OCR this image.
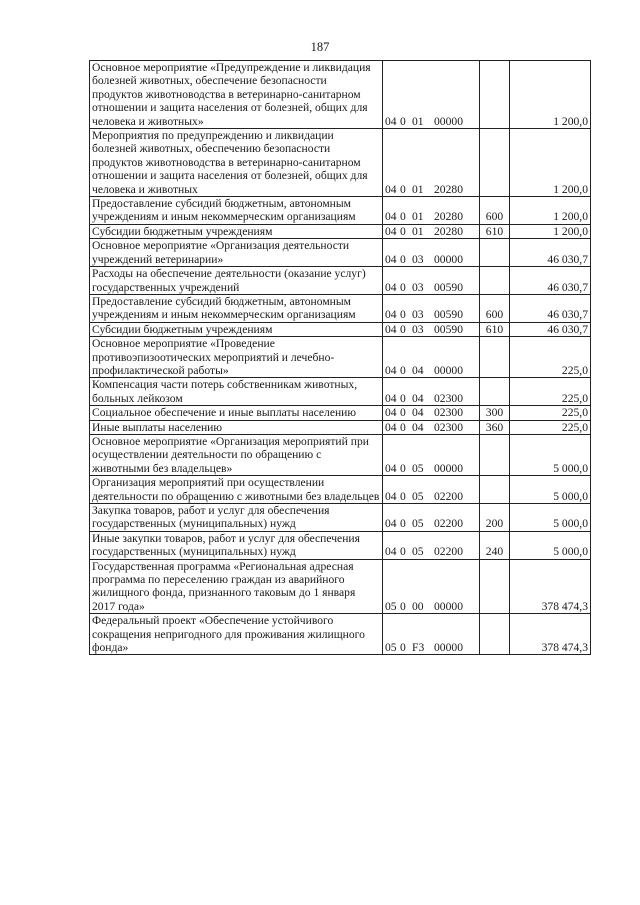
187
Основное мероприятие «Предупреждение и ликвидация болезней животных, обеспечение безопасности продуктов животноводства в ветеринарно-санитарном отношении и защита населения от болезней, общих для человека и животных»	04 0 01 00000		1 200,0
Мероприятия по предупреждению и ликвидации болезней животных, обеспечению безопасности продуктов животноводства в ветеринарно-санитарном отношении и защита населения от болезней, общих для человека и животных	04 0 01 20280		1 200,0
Предоставление субсидий бюджетным, автономным учреждениям и иным некоммерческим организациям	04 0 01 20280	600	1 200,0
Субсидии бюджетным учреждениям	04 0 01 20280	610	1 200,0
Основное мероприятие «Организация деятельности учреждений ветеринарии»	04 0 03 00000		46 030,7
Расходы на обеспечение деятельности (оказание услуг) государственных учреждений	04 0 03 00590		46 030,7
Предоставление субсидий бюджетным, автономным учреждениям и иным некоммерческим организациям	04 0 03 00590	600	46 030,7
Субсидии бюджетным учреждениям	04 0 03 00590	610	46 030,7
Основное мероприятие «Проведение противоэпизоотических мероприятий и лечебно-профилактической работы»	04 0 04 00000		225,0
Компенсация части потерь собственникам животных, больных лейкозом	04 0 04 02300		225,0
Социальное обеспечение и иные выплаты населению	04 0 04 02300	300	225,0
Иные выплаты населению	04 0 04 02300	360	225,0
Основное мероприятие «Организация мероприятий при осуществлении деятельности по обращению с животными без владельцев»	04 0 05 00000		5 000,0
Организация мероприятий при осуществлении деятельности по обращению с животными без владельцев	04 0 05 02200		5 000,0
Закупка товаров, работ и услуг для обеспечения государственных (муниципальных) нужд	04 0 05 02200	200	5 000,0
Иные закупки товаров, работ и услуг для обеспечения государственных (муниципальных) нужд	04 0 05 02200	240	5 000,0
Государственная программа «Региональная адресная программа по переселению граждан из аварийного жилищного фонда, признанного таковым до 1 января 2017 года»	05 0 00 00000		378 474,3
Федеральный проект «Обеспечение устойчивого сокращения непригодного для проживания жилищного фонда»	05 0 F3 00000		378 474,3
